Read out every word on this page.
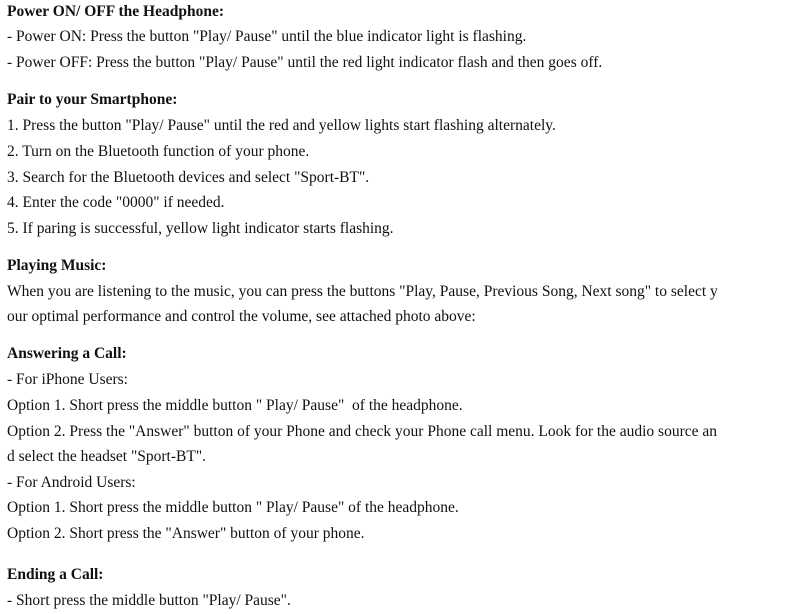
Power ON/ OFF the Headphone:
- Power ON: Press the button "Play/ Pause" until the blue indicator light is flashing.
- Power OFF: Press the button "Play/ Pause" until the red light indicator flash and then goes off.
Pair to your Smartphone:
1. Press the button "Play/ Pause" until the red and yellow lights start flashing alternately.
2. Turn on the Bluetooth function of your phone.
3. Search for the Bluetooth devices and select "Sport-BT".
4. Enter the code "0000" if needed.
5. If paring is successful, yellow light indicator starts flashing.
Playing Music:
When you are listening to the music, you can press the buttons "Play, Pause, Previous Song, Next song" to select y
our optimal performance and control the volume, see attached photo above:
Answering a Call:
- For iPhone Users:
Option 1. Short press the middle button " Play/ Pause"  of the headphone.
Option 2. Press the "Answer" button of your Phone and check your Phone call menu. Look for the audio source an
d select the headset "Sport-BT".
- For Android Users:
Option 1. Short press the middle button " Play/ Pause" of the headphone.
Option 2. Short press the "Answer" button of your phone.
Ending a Call:
- Short press the middle button "Play/ Pause".
